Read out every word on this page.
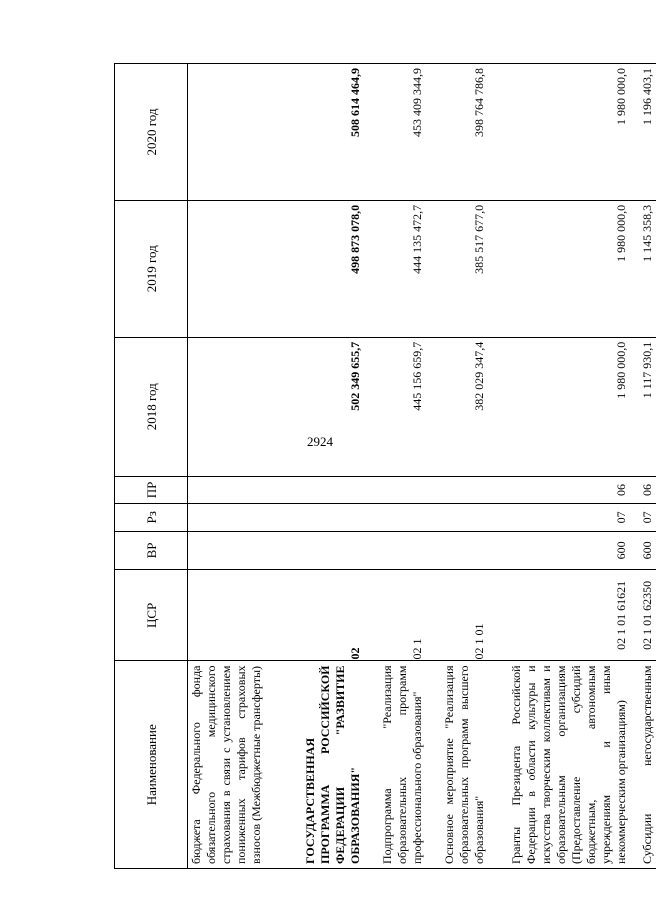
2924
Наименование	ЦСР	ВР	Рз	ПР	2018 год	2019 год	2020 год
бюджета Федерального фонда обязательного медицинского страхования в связи с установлением пониженных тарифов страховых взносов (Межбюджетные трансферты)							
ГОСУДАРСТВЕННАЯ ПРОГРАММА РОССИЙСКОЙ ФЕДЕРАЦИИ "РАЗВИТИЕ ОБРАЗОВАНИЯ"	02				502 349 655,7	498 873 078,0	508 614 464,9
Подпрограмма "Реализация образовательных программ профессионального образования"	02 1				445 156 659,7	444 135 472,7	453 409 344,9
Основное мероприятие "Реализация образовательных программ высшего образования"	02 1 01				382 029 347,4	385 517 677,0	398 764 786,8
Гранты Президента Российской Федерации в области культуры и искусства творческим коллективам и образовательным организациям (Предоставление субсидий бюджетным, автономным учреждениям и иным некоммерческим организациям)	02 1 01 61621	600	07	06	1 980 000,0	1 980 000,0	1 980 000,0
Субсидии негосударственным	02 1 01 62350	600	07	06	1 117 930,1	1 145 358,3	1 196 403,1
